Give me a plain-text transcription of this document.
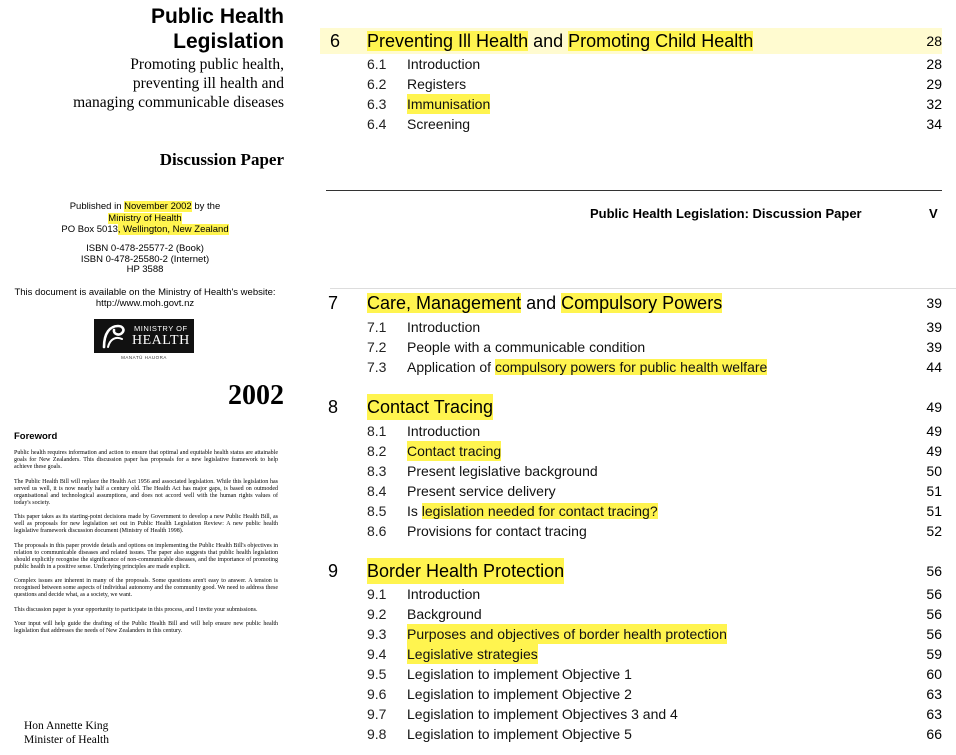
Public Health
Legislation
Promoting public health,
preventing ill health and
managing communicable diseases
Discussion Paper
Published in November 2002 by the
Ministry of Health
PO Box 5013, Wellington, New Zealand
ISBN 0-478-25577-2 (Book)
ISBN 0-478-25580-2 (Internet)
HP 3588
This document is available on the Ministry of Health's website:
http://www.moh.govt.nz
MINISTRY OF
HEALTH
MANATŪ HAUORA
2002
Foreword

Public health requires information and action to ensure that optimal and equitable health status are attainable goals for New Zealanders. This discussion paper has proposals for a new legislative framework to help achieve these goals.

The Public Health Bill will replace the Health Act 1956 and associated legislation. While this legislation has served us well, it is now nearly half a century old. The Health Act has major gaps, is based on outmoded organisational and technological assumptions, and does not accord well with the human rights values of today's society.

This paper takes as its starting-point decisions made by Government to develop a new Public Health Bill, as well as proposals for new legislation set out in Public Health Legislation Review: A new public health legislative framework discussion document (Ministry of Health 1998).

The proposals in this paper provide details and options on implementing the Public Health Bill's objectives in relation to communicable diseases and related issues. The paper also suggests that public health legislation should explicitly recognise the significance of non-communicable diseases, and the importance of promoting public health in a positive sense. Underlying principles are made explicit.

Complex issues are inherent in many of the proposals. Some questions aren't easy to answer. A tension is recognised between some aspects of individual autonomy and the community good. We need to address these questions and decide what, as a society, we want.

This discussion paper is your opportunity to participate in this process, and I invite your submissions.

Your input will help guide the drafting of the Public Health Bill and will help ensure new public health legislation that addresses the needs of New Zealanders in this century.

Hon Annette King
Minister of Health
6 Preventing Ill Health and Promoting Child Health	28
6.1 Introduction	28
6.2 Registers	29
6.3 Immunisation	32
6.4 Screening	34
Public Health Legislation: Discussion Paper	V
7 Care, Management and Compulsory Powers	39
7.1 Introduction	39
7.2 People with a communicable condition	39
7.3 Application of compulsory powers for public health welfare	44
8 Contact Tracing	49
8.1 Introduction	49
8.2 Contact tracing	49
8.3 Present legislative background	50
8.4 Present service delivery	51
8.5 Is legislation needed for contact tracing?	51
8.6 Provisions for contact tracing	52
9 Border Health Protection	56
9.1 Introduction	56
9.2 Background	56
9.3 Purposes and objectives of border health protection	56
9.4 Legislative strategies	59
9.5 Legislation to implement Objective 1	60
9.6 Legislation to implement Objective 2	63
9.7 Legislation to implement Objectives 3 and 4	63
9.8 Legislation to implement Objective 5	66
